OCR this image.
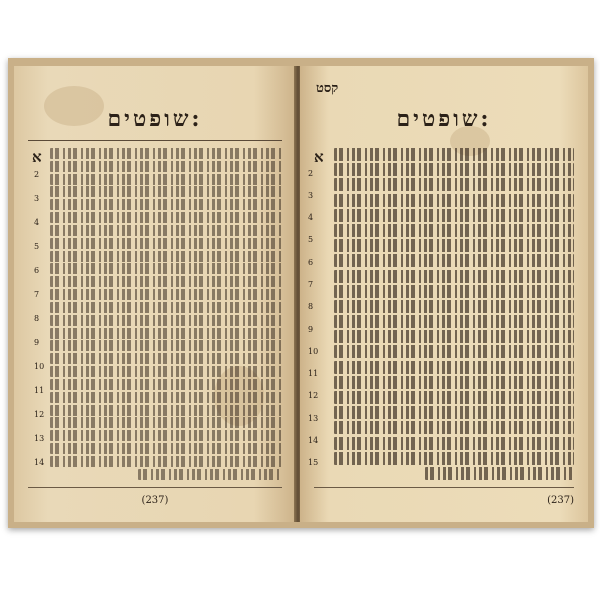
שופטים:
א
2
3
4
5
6
7
8
9
10
11
12
13
14
(237)
קסט
שופטים:
א
2
3
4
5
6
7
8
9
10
11
12
13
14
15
(237)
